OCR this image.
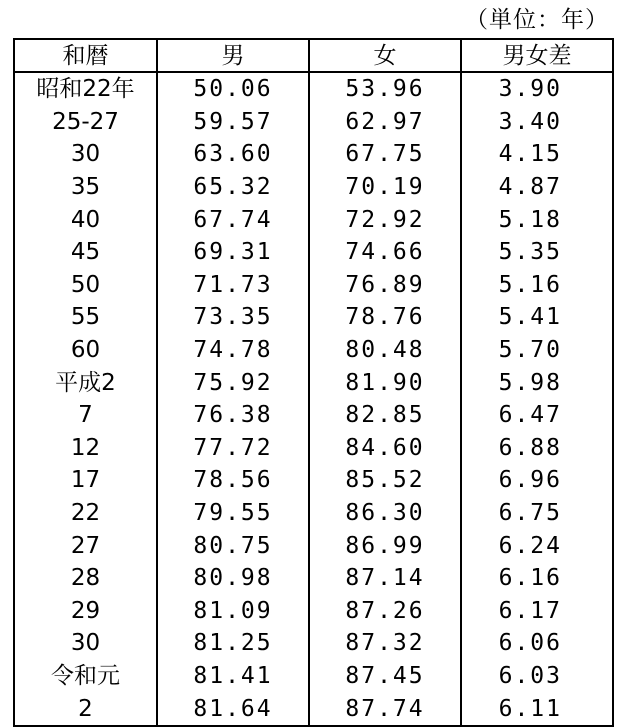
（単位：年）
和暦	男	女	男女差
昭和22年	50.06	53.96	3.90
25-27	59.57	62.97	3.40
30	63.60	67.75	4.15
35	65.32	70.19	4.87
40	67.74	72.92	5.18
45	69.31	74.66	5.35
50	71.73	76.89	5.16
55	73.35	78.76	5.41
60	74.78	80.48	5.70
平成2	75.92	81.90	5.98
7	76.38	82.85	6.47
12	77.72	84.60	6.88
17	78.56	85.52	6.96
22	79.55	86.30	6.75
27	80.75	86.99	6.24
28	80.98	87.14	6.16
29	81.09	87.26	6.17
30	81.25	87.32	6.06
令和元	81.41	87.45	6.03
2	81.64	87.74	6.11
